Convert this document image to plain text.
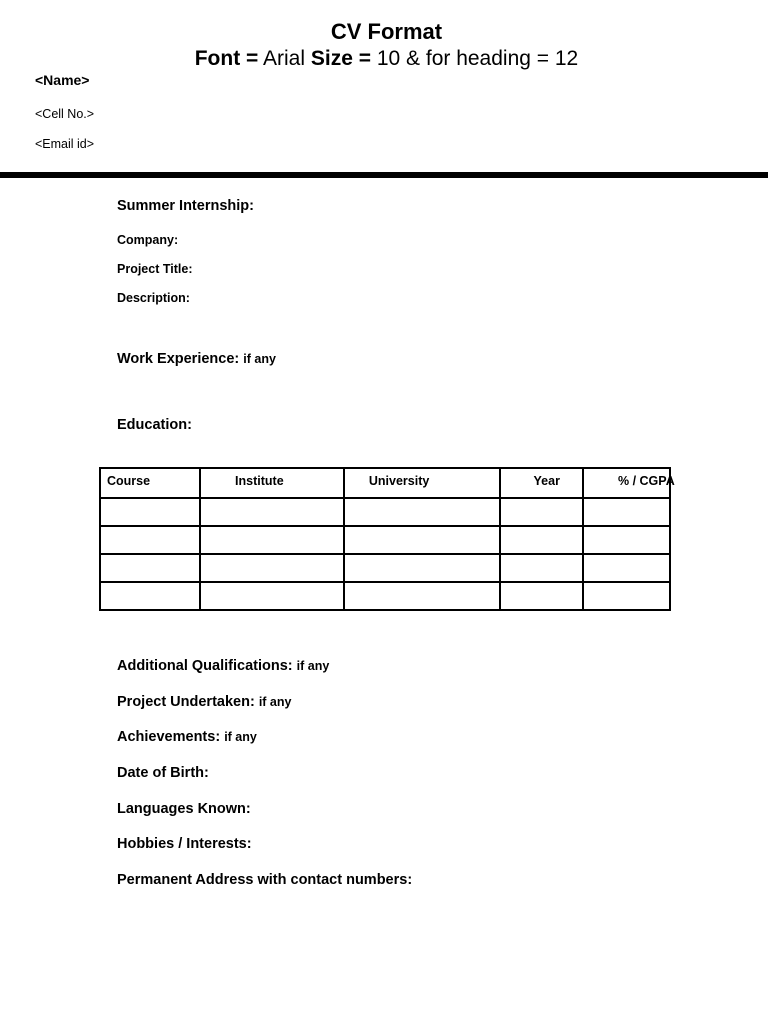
CV Format
Font = Arial Size = 10 & for heading = 12
<Name>
<Cell No.>
<Email id>
Summer Internship:
Company:
Project Title:
Description:
Work Experience: if any
Education:
Course	Institute	University	Year	% / CGPA
Additional Qualifications: if any
Project Undertaken: if any
Achievements: if any
Date of Birth:
Languages Known:
Hobbies / Interests:
Permanent Address with contact numbers:
